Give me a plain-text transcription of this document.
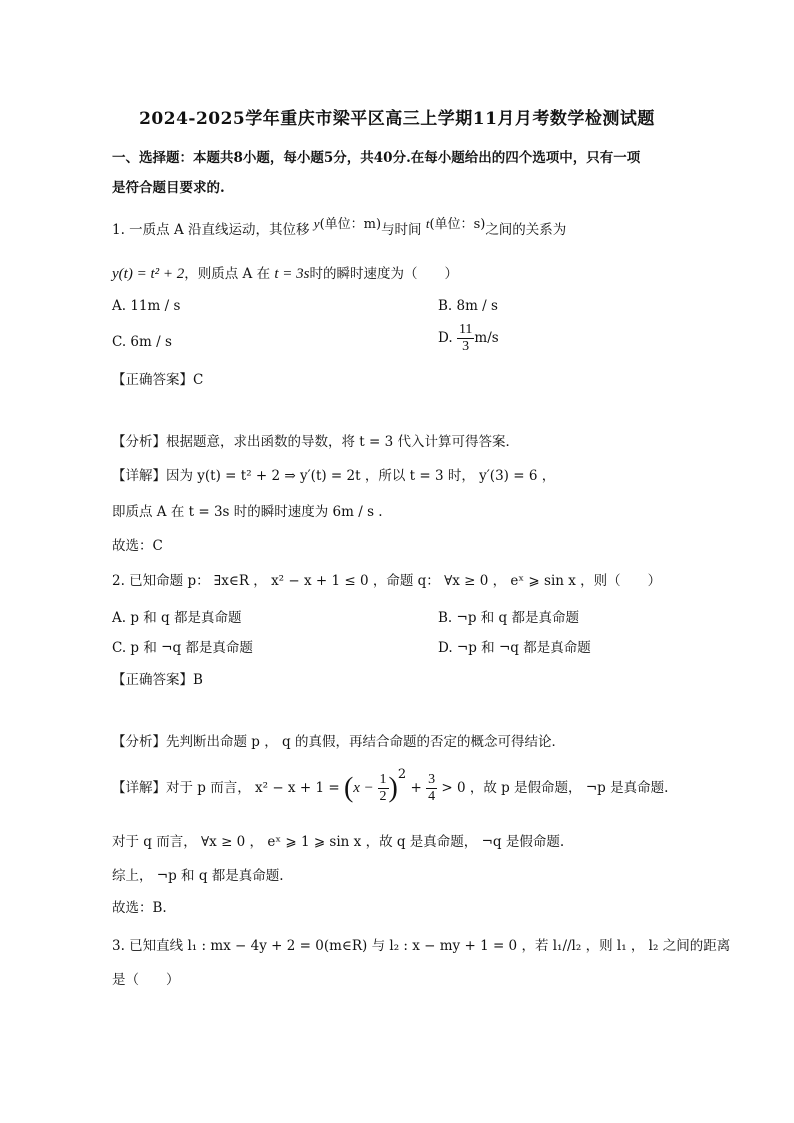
2024-2025学年重庆市梁平区高三上学期11月月考数学检测试题
一、选择题：本题共8小题，每小题5分，共40分.在每小题给出的四个选项中，只有一项
是符合题目要求的.
1. 一质点 A 沿直线运动，其位移 y(单位：m)与时间 t(单位：s)之间的关系为
y(t) = t² + 2，则质点 A 在 t = 3s时的瞬时速度为（　　）
A. 11m / s	B. 8m / s
C. 6m / s	D. $\frac{11}{3} m/s$
【正确答案】C
【分析】根据题意，求出函数的导数，将 t = 3 代入计算可得答案．
【详解】因为 y(t) = t² + 2 ⇒ y′(t) = 2t ，所以 t = 3 时， y′(3) = 6 ，
即质点 A 在 t = 3s 时的瞬时速度为 6m / s .
故选：C
2. 已知命题 p： ∃x∈R ， x² − x + 1 ≤ 0 ，命题 q： ∀x ≥ 0 ， eˣ ⩾ sin x ，则（　　）
A. p 和 q 都是真命题	B. ¬p 和 q 都是真命题
C. p 和 ¬q 都是真命题	D. ¬p 和 ¬q 都是真命题
【正确答案】B
【分析】先判断出命题 p ， q 的真假，再结合命题的否定的概念可得结论．
【详解】对于 p 而言， $x^2 - x + 1 = (x - \frac{1}{2} )2 + \frac{3}{4} > 0$ ，故 p 是假命题， ¬p 是真命题.
对于 q 而言， ∀x ≥ 0 ， eˣ ⩾ 1 ⩾ sin x ，故 q 是真命题， ¬q 是假命题.
综上， ¬p 和 q 都是真命题.
故选：B.
3. 已知直线 l₁ : mx − 4y + 2 = 0(m∈R) 与 l₂ : x − my + 1 = 0 ，若 l₁//l₂ ，则 l₁ ， l₂ 之间的距离
是（　　）
